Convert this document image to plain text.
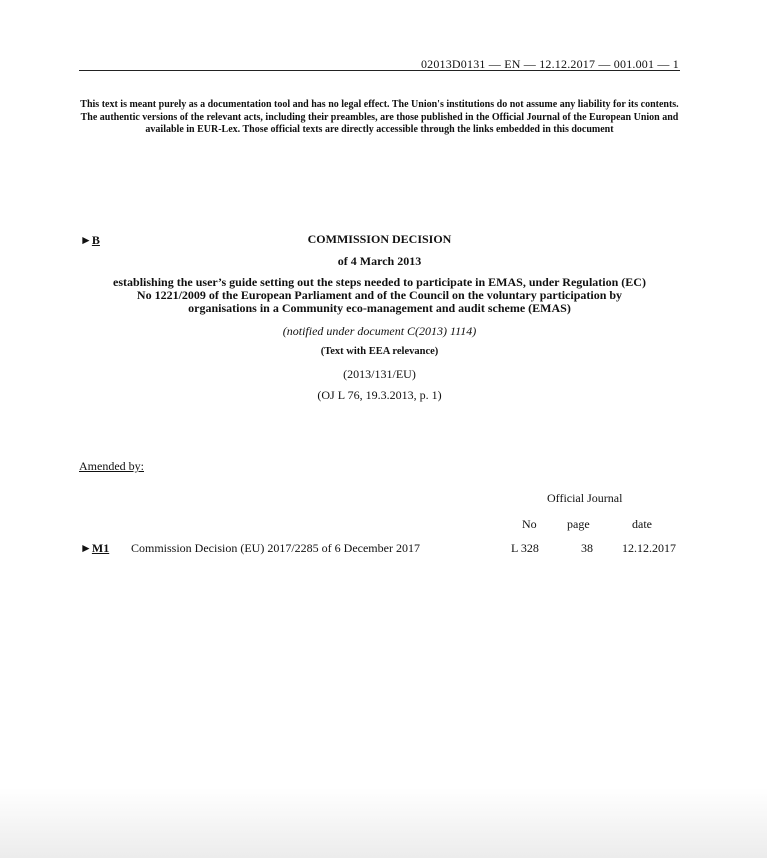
02013D0131 — EN — 12.12.2017 — 001.001 — 1
This text is meant purely as a documentation tool and has no legal effect. The Union's institutions do not assume any liability for its contents. The authentic versions of the relevant acts, including their preambles, are those published in the Official Journal of the European Union and available in EUR-Lex. Those official texts are directly accessible through the links embedded in this document
►B	COMMISSION DECISION
of 4 March 2013
establishing the user’s guide setting out the steps needed to participate in EMAS, under Regulation (EC) No 1221/2009 of the European Parliament and of the Council on the voluntary participation by organisations in a Community eco-management and audit scheme (EMAS)
(notified under document C(2013) 1114)
(Text with EEA relevance)
(2013/131/EU)
(OJ L 76, 19.3.2013, p. 1)
Amended by:
Official Journal
No	page	date
►M1 Commission Decision (EU) 2017/2285 of 6 December 2017	L 328	38 12.12.2017
